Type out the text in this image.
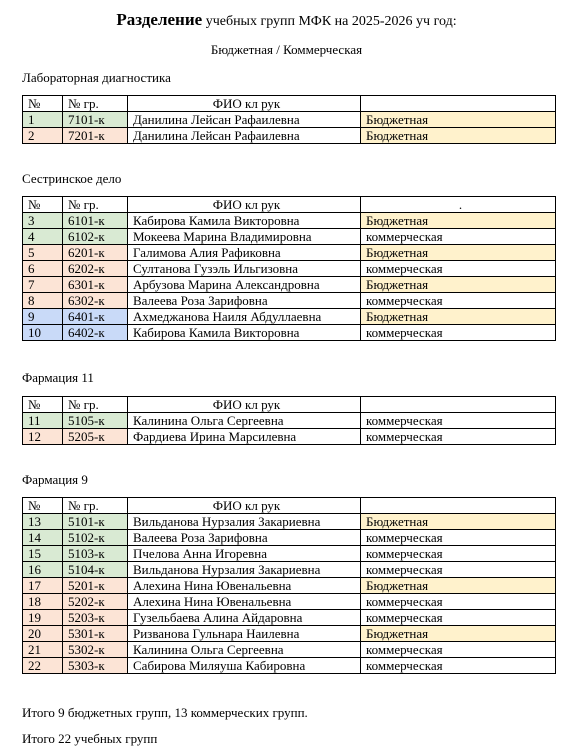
Разделение учебных групп МФК на 2025-2026 уч год:
Бюджетная / Коммерческая
Лабораторная диагностика
№	№ гр.	ФИО кл рук	
1	7101-к	Данилина Лейсан Рафаилевна	Бюджетная
2	7201-к	Данилина Лейсан Рафаилевна	Бюджетная
Сестринское дело
№	№ гр.	ФИО кл рук	.
3	6101-к	Кабирова Камила Викторовна	Бюджетная
4	6102-к	Мокеева Марина Владимировна	коммерческая
5	6201-к	Галимова Алия Рафиковна	Бюджетная
6	6202-к	Султанова Гузэль Ильгизовна	коммерческая
7	6301-к	Арбузова Марина Александровна	Бюджетная
8	6302-к	Валеева Роза Зарифовна	коммерческая
9	6401-к	Ахмеджанова Наиля Абдуллаевна	Бюджетная
10	6402-к	Кабирова Камила Викторовна	коммерческая
Фармация 11
№	№ гр.	ФИО кл рук	
11	5105-к	Калинина Ольга Сергеевна	коммерческая
12	5205-к	Фардиева Ирина Марсилевна	коммерческая
Фармация 9
№	№ гр.	ФИО кл рук	
13	5101-к	Вильданова Нурзалия Закариевна	Бюджетная
14	5102-к	Валеева Роза Зарифовна	коммерческая
15	5103-к	Пчелова Анна Игоревна	коммерческая
16	5104-к	Вильданова Нурзалия Закариевна	коммерческая
17	5201-к	Алехина Нина Ювенальевна	Бюджетная
18	5202-к	Алехина Нина Ювенальевна	коммерческая
19	5203-к	Гузельбаева Алина Айдаровна	коммерческая
20	5301-к	Ризванова Гульнара Наилевна	Бюджетная
21	5302-к	Калинина Ольга Сергеевна	коммерческая
22	5303-к	Сабирова Миляуша Кабировна	коммерческая
Итого 9 бюджетных групп, 13 коммерческих групп.
Итого 22 учебных групп
